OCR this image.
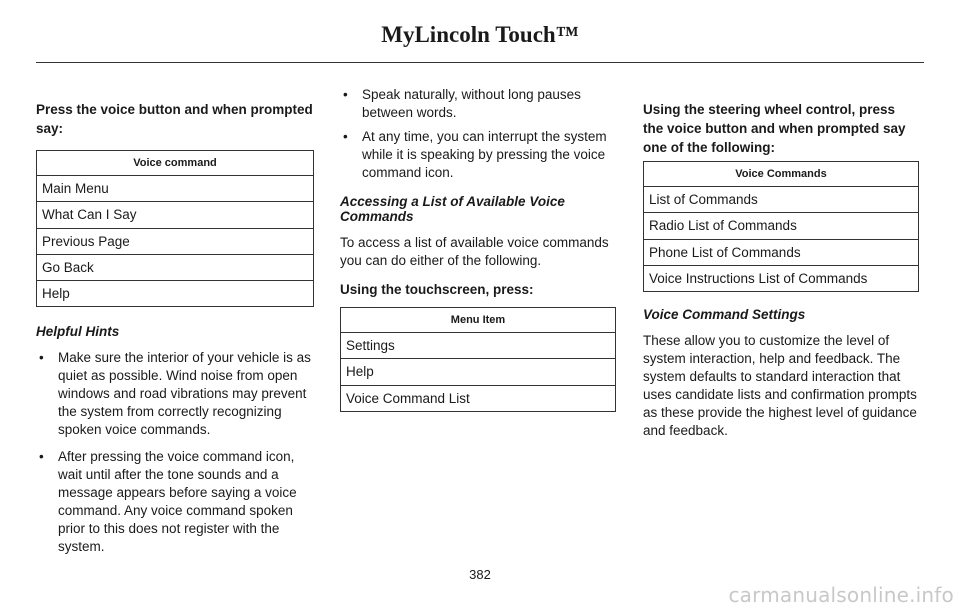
MyLincoln Touch™
Press the voice button and when prompted say:
Voice command
Main Menu
What Can I Say
Previous Page
Go Back
Help
Helpful Hints
• Make sure the interior of your vehicle is as quiet as possible. Wind noise from open windows and road vibrations may prevent the system from correctly recognizing spoken voice commands.
• After pressing the voice command icon, wait until after the tone sounds and a message appears before saying a voice command. Any voice command spoken prior to this does not register with the system.
• Speak naturally, without long pauses between words.
• At any time, you can interrupt the system while it is speaking by pressing the voice command icon.
Accessing a List of Available Voice Commands
To access a list of available voice commands you can do either of the following.
Using the touchscreen, press:
Menu Item
Settings
Help
Voice Command List
Using the steering wheel control, press the voice button and when prompted say one of the following:
Voice Commands
List of Commands
Radio List of Commands
Phone List of Commands
Voice Instructions List of Commands
Voice Command Settings
These allow you to customize the level of system interaction, help and feedback. The system defaults to standard interaction that uses candidate lists and confirmation prompts as these provide the highest level of guidance and feedback.
382
carmanualsonline.info
